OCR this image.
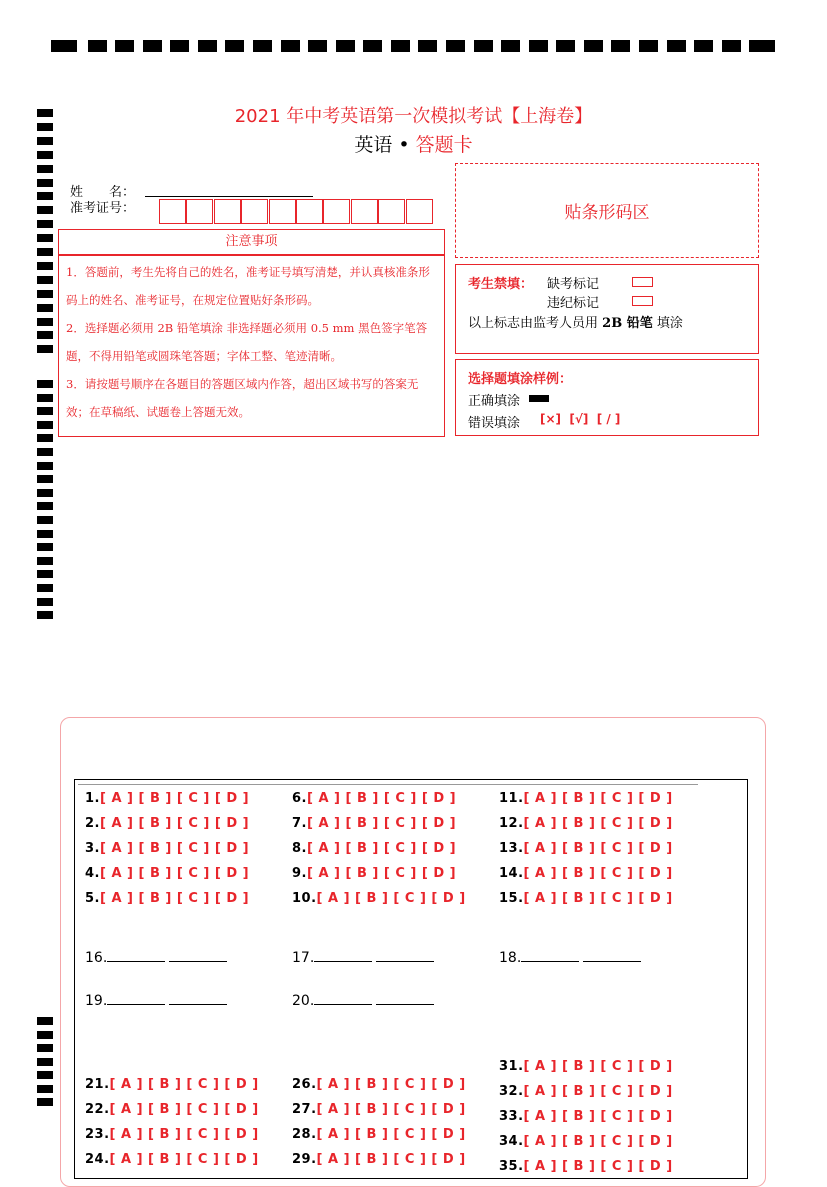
2021 年中考英语第一次模拟考试【上海卷】
英语 • 答题卡
姓　　名：
准考证号：
注意事项
1．答题前，考生先将自己的姓名，准考证号填写清楚，并认真核准条形码上的姓名、准考证号，在规定位置贴好条形码。
2．选择题必须用 2B 铅笔填涂 非选择题必须用 0.5 mm 黑色签字笔答题，不得用铅笔或圆珠笔答题；字体工整、笔迹清晰。
3．请按题号顺序在各题目的答题区域内作答，超出区域书写的答案无效；在草稿纸、试题卷上答题无效。
贴条形码区
考生禁填： 缺考标记
违纪标记
以上标志由监考人员用 2B 铅笔 填涂
选择题填涂样例：
正确填涂
错误填涂 [×]  [√]  [ / ]
1.[ A ] [ B ] [ C ] [ D ]
2.[ A ] [ B ] [ C ] [ D ]
3.[ A ] [ B ] [ C ] [ D ]
4.[ A ] [ B ] [ C ] [ D ]
5.[ A ] [ B ] [ C ] [ D ]
6.[ A ] [ B ] [ C ] [ D ]
7.[ A ] [ B ] [ C ] [ D ]
8.[ A ] [ B ] [ C ] [ D ]
9.[ A ] [ B ] [ C ] [ D ]
10.[ A ] [ B ] [ C ] [ D ]
11.[ A ] [ B ] [ C ] [ D ]
12.[ A ] [ B ] [ C ] [ D ]
13.[ A ] [ B ] [ C ] [ D ]
14.[ A ] [ B ] [ C ] [ D ]
15.[ A ] [ B ] [ C ] [ D ]
21.[ A ] [ B ] [ C ] [ D ]
22.[ A ] [ B ] [ C ] [ D ]
23.[ A ] [ B ] [ C ] [ D ]
24.[ A ] [ B ] [ C ] [ D ]
26.[ A ] [ B ] [ C ] [ D ]
27.[ A ] [ B ] [ C ] [ D ]
28.[ A ] [ B ] [ C ] [ D ]
29.[ A ] [ B ] [ C ] [ D ]
31.[ A ] [ B ] [ C ] [ D ]
32.[ A ] [ B ] [ C ] [ D ]
33.[ A ] [ B ] [ C ] [ D ]
34.[ A ] [ B ] [ C ] [ D ]
35.[ A ] [ B ] [ C ] [ D ]
16.	17.	18.
19.	20.
